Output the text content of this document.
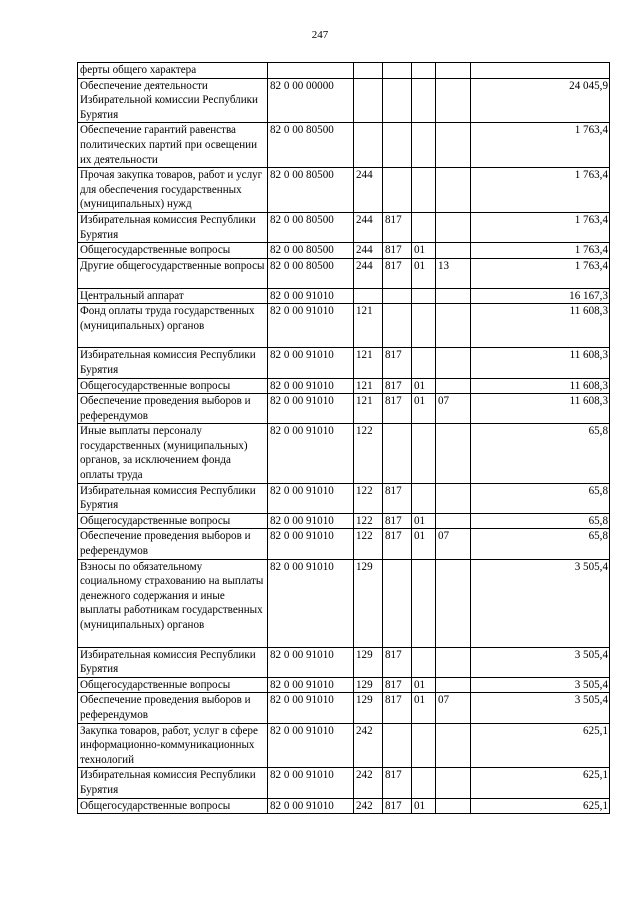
247
ферты общего характера						
Обеспечение деятельности Избирательной комиссии Республики Бурятия	82 0 00 00000					24 045,9
Обеспечение гарантий равенства политических партий при освещении их деятельности	82 0 00 80500					1 763,4
Прочая закупка товаров, работ и услуг для обеспечения государственных (муниципальных) нужд	82 0 00 80500	244				1 763,4
Избирательная комиссия Республики Бурятия	82 0 00 80500	244	817			1 763,4
Общегосударственные вопросы	82 0 00 80500	244	817	01		1 763,4
Другие общегосударственные вопросы	82 0 00 80500	244	817	01	13	1 763,4
Центральный аппарат	82 0 00 91010					16 167,3
Фонд оплаты труда государственных (муниципальных) органов	82 0 00 91010	121				11 608,3
Избирательная комиссия Республики Бурятия	82 0 00 91010	121	817			11 608,3
Общегосударственные вопросы	82 0 00 91010	121	817	01		11 608,3
Обеспечение проведения выборов и референдумов	82 0 00 91010	121	817	01	07	11 608,3
Иные выплаты персоналу государственных (муниципальных) органов, за исключением фонда оплаты труда	82 0 00 91010	122				65,8
Избирательная комиссия Республики Бурятия	82 0 00 91010	122	817			65,8
Общегосударственные вопросы	82 0 00 91010	122	817	01		65,8
Обеспечение проведения выборов и референдумов	82 0 00 91010	122	817	01	07	65,8
Взносы по обязательному социальному страхованию на выплаты денежного содержания и иные выплаты работникам государственных (муниципальных) органов	82 0 00 91010	129				3 505,4
Избирательная комиссия Республики Бурятия	82 0 00 91010	129	817			3 505,4
Общегосударственные вопросы	82 0 00 91010	129	817	01		3 505,4
Обеспечение проведения выборов и референдумов	82 0 00 91010	129	817	01	07	3 505,4
Закупка товаров, работ, услуг в сфере информационно-коммуникационных технологий	82 0 00 91010	242				625,1
Избирательная комиссия Республики Бурятия	82 0 00 91010	242	817			625,1
Общегосударственные вопросы	82 0 00 91010	242	817	01		625,1
